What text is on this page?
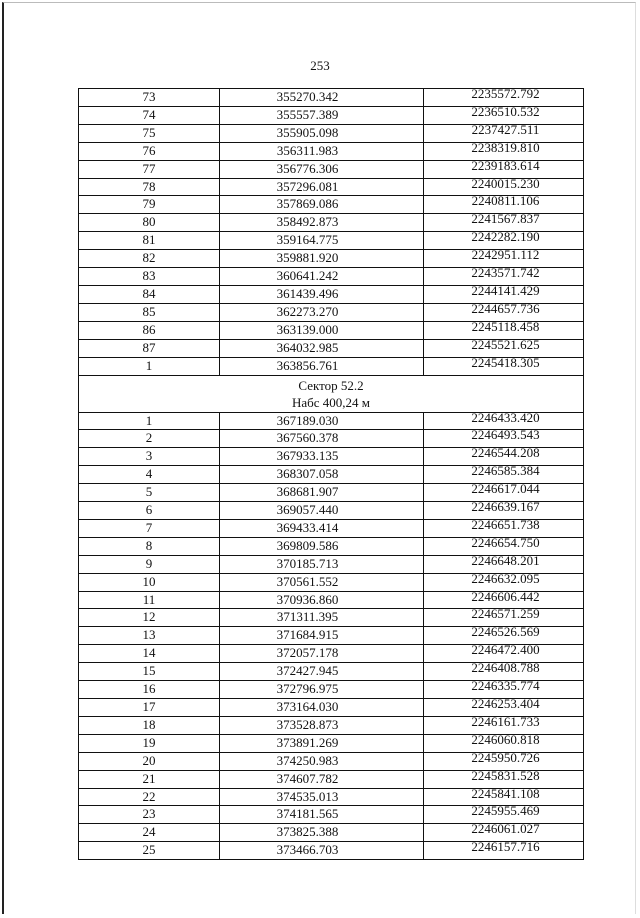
253
73	355270.342	2235572.792
74	355557.389	2236510.532
75	355905.098	2237427.511
76	356311.983	2238319.810
77	356776.306	2239183.614
78	357296.081	2240015.230
79	357869.086	2240811.106
80	358492.873	2241567.837
81	359164.775	2242282.190
82	359881.920	2242951.112
83	360641.242	2243571.742
84	361439.496	2244141.429
85	362273.270	2244657.736
86	363139.000	2245118.458
87	364032.985	2245521.625
1	363856.761	2245418.305

Сектор 52.2
Набс 400,24 м		

1	367189.030	2246433.420
2	367560.378	2246493.543
3	367933.135	2246544.208
4	368307.058	2246585.384
5	368681.907	2246617.044
6	369057.440	2246639.167
7	369433.414	2246651.738
8	369809.586	2246654.750
9	370185.713	2246648.201
10	370561.552	2246632.095
11	370936.860	2246606.442
12	371311.395	2246571.259
13	371684.915	2246526.569
14	372057.178	2246472.400
15	372427.945	2246408.788
16	372796.975	2246335.774
17	373164.030	2246253.404
18	373528.873	2246161.733
19	373891.269	2246060.818
20	374250.983	2245950.726
21	374607.782	2245831.528
22	374535.013	2245841.108
23	374181.565	2245955.469
24	373825.388	2246061.027
25	373466.703	2246157.716
